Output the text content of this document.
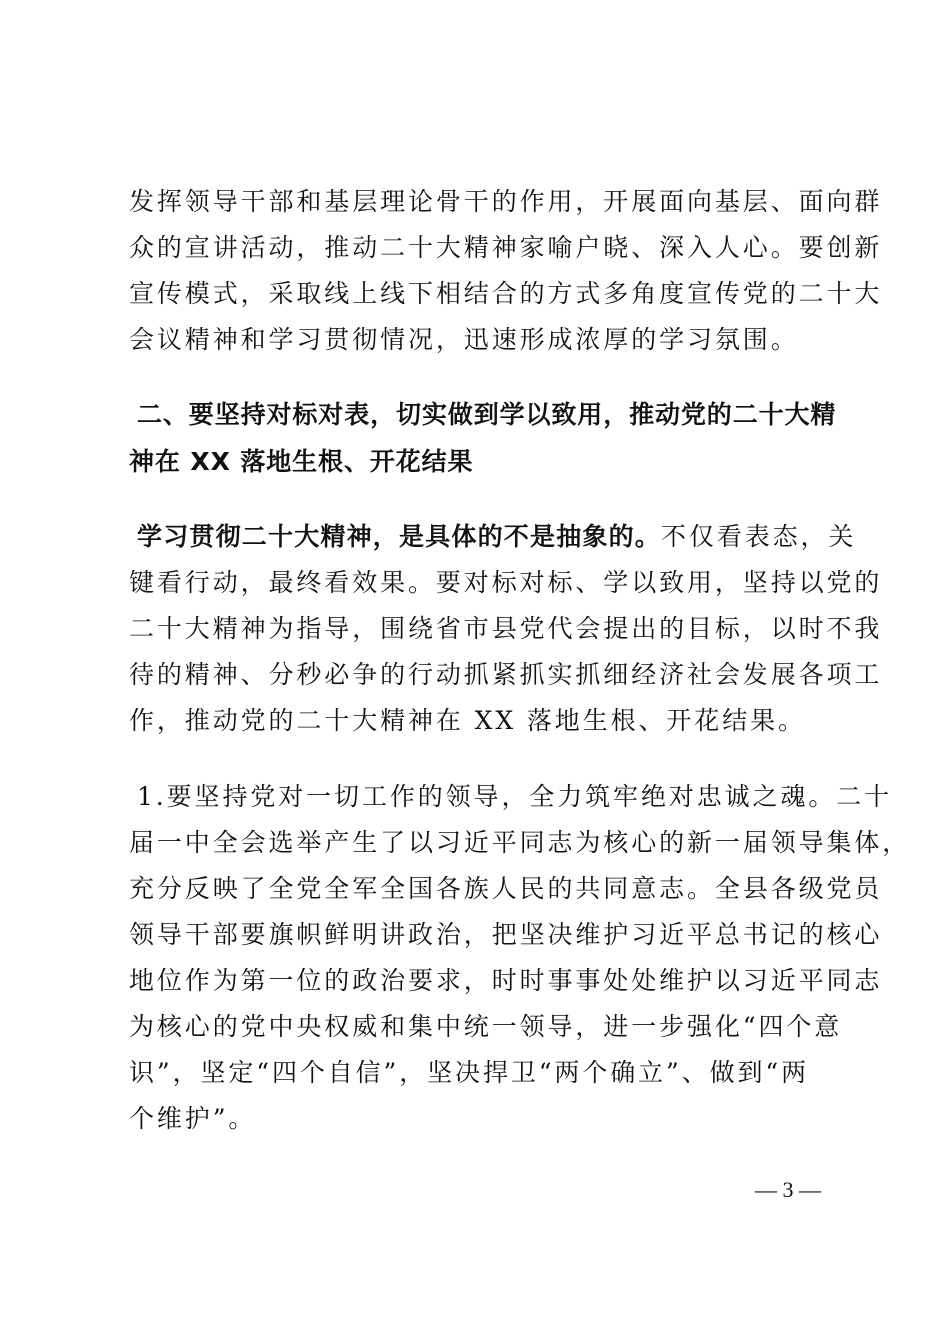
发挥领导干部和基层理论骨干的作用，开展面向基层、面向群
众的宣讲活动，推动二十大精神家喻户晓、深入人心。要创新
宣传模式，采取线上线下相结合的方式多角度宣传党的二十大
会议精神和学习贯彻情况，迅速形成浓厚的学习氛围。
二、要坚持对标对表，切实做到学以致用，推动党的二十大精
神在 XX 落地生根、开花结果
学习贯彻二十大精神，是具体的不是抽象的。不仅看表态，关
键看行动，最终看效果。要对标对标、学以致用，坚持以党的
二十大精神为指导，围绕省市县党代会提出的目标，以时不我
待的精神、分秒必争的行动抓紧抓实抓细经济社会发展各项工
作，推动党的二十大精神在 XX 落地生根、开花结果。
1.要坚持党对一切工作的领导，全力筑牢绝对忠诚之魂。二十
届一中全会选举产生了以习近平同志为核心的新一届领导集体，
充分反映了全党全军全国各族人民的共同意志。全县各级党员
领导干部要旗帜鲜明讲政治，把坚决维护习近平总书记的核心
地位作为第一位的政治要求，时时事事处处维护以习近平同志
为核心的党中央权威和集中统一领导，进一步强化“四个意
识”，坚定“四个自信”，坚决捍卫“两个确立”、做到“两
个维护”。
— 3 —
